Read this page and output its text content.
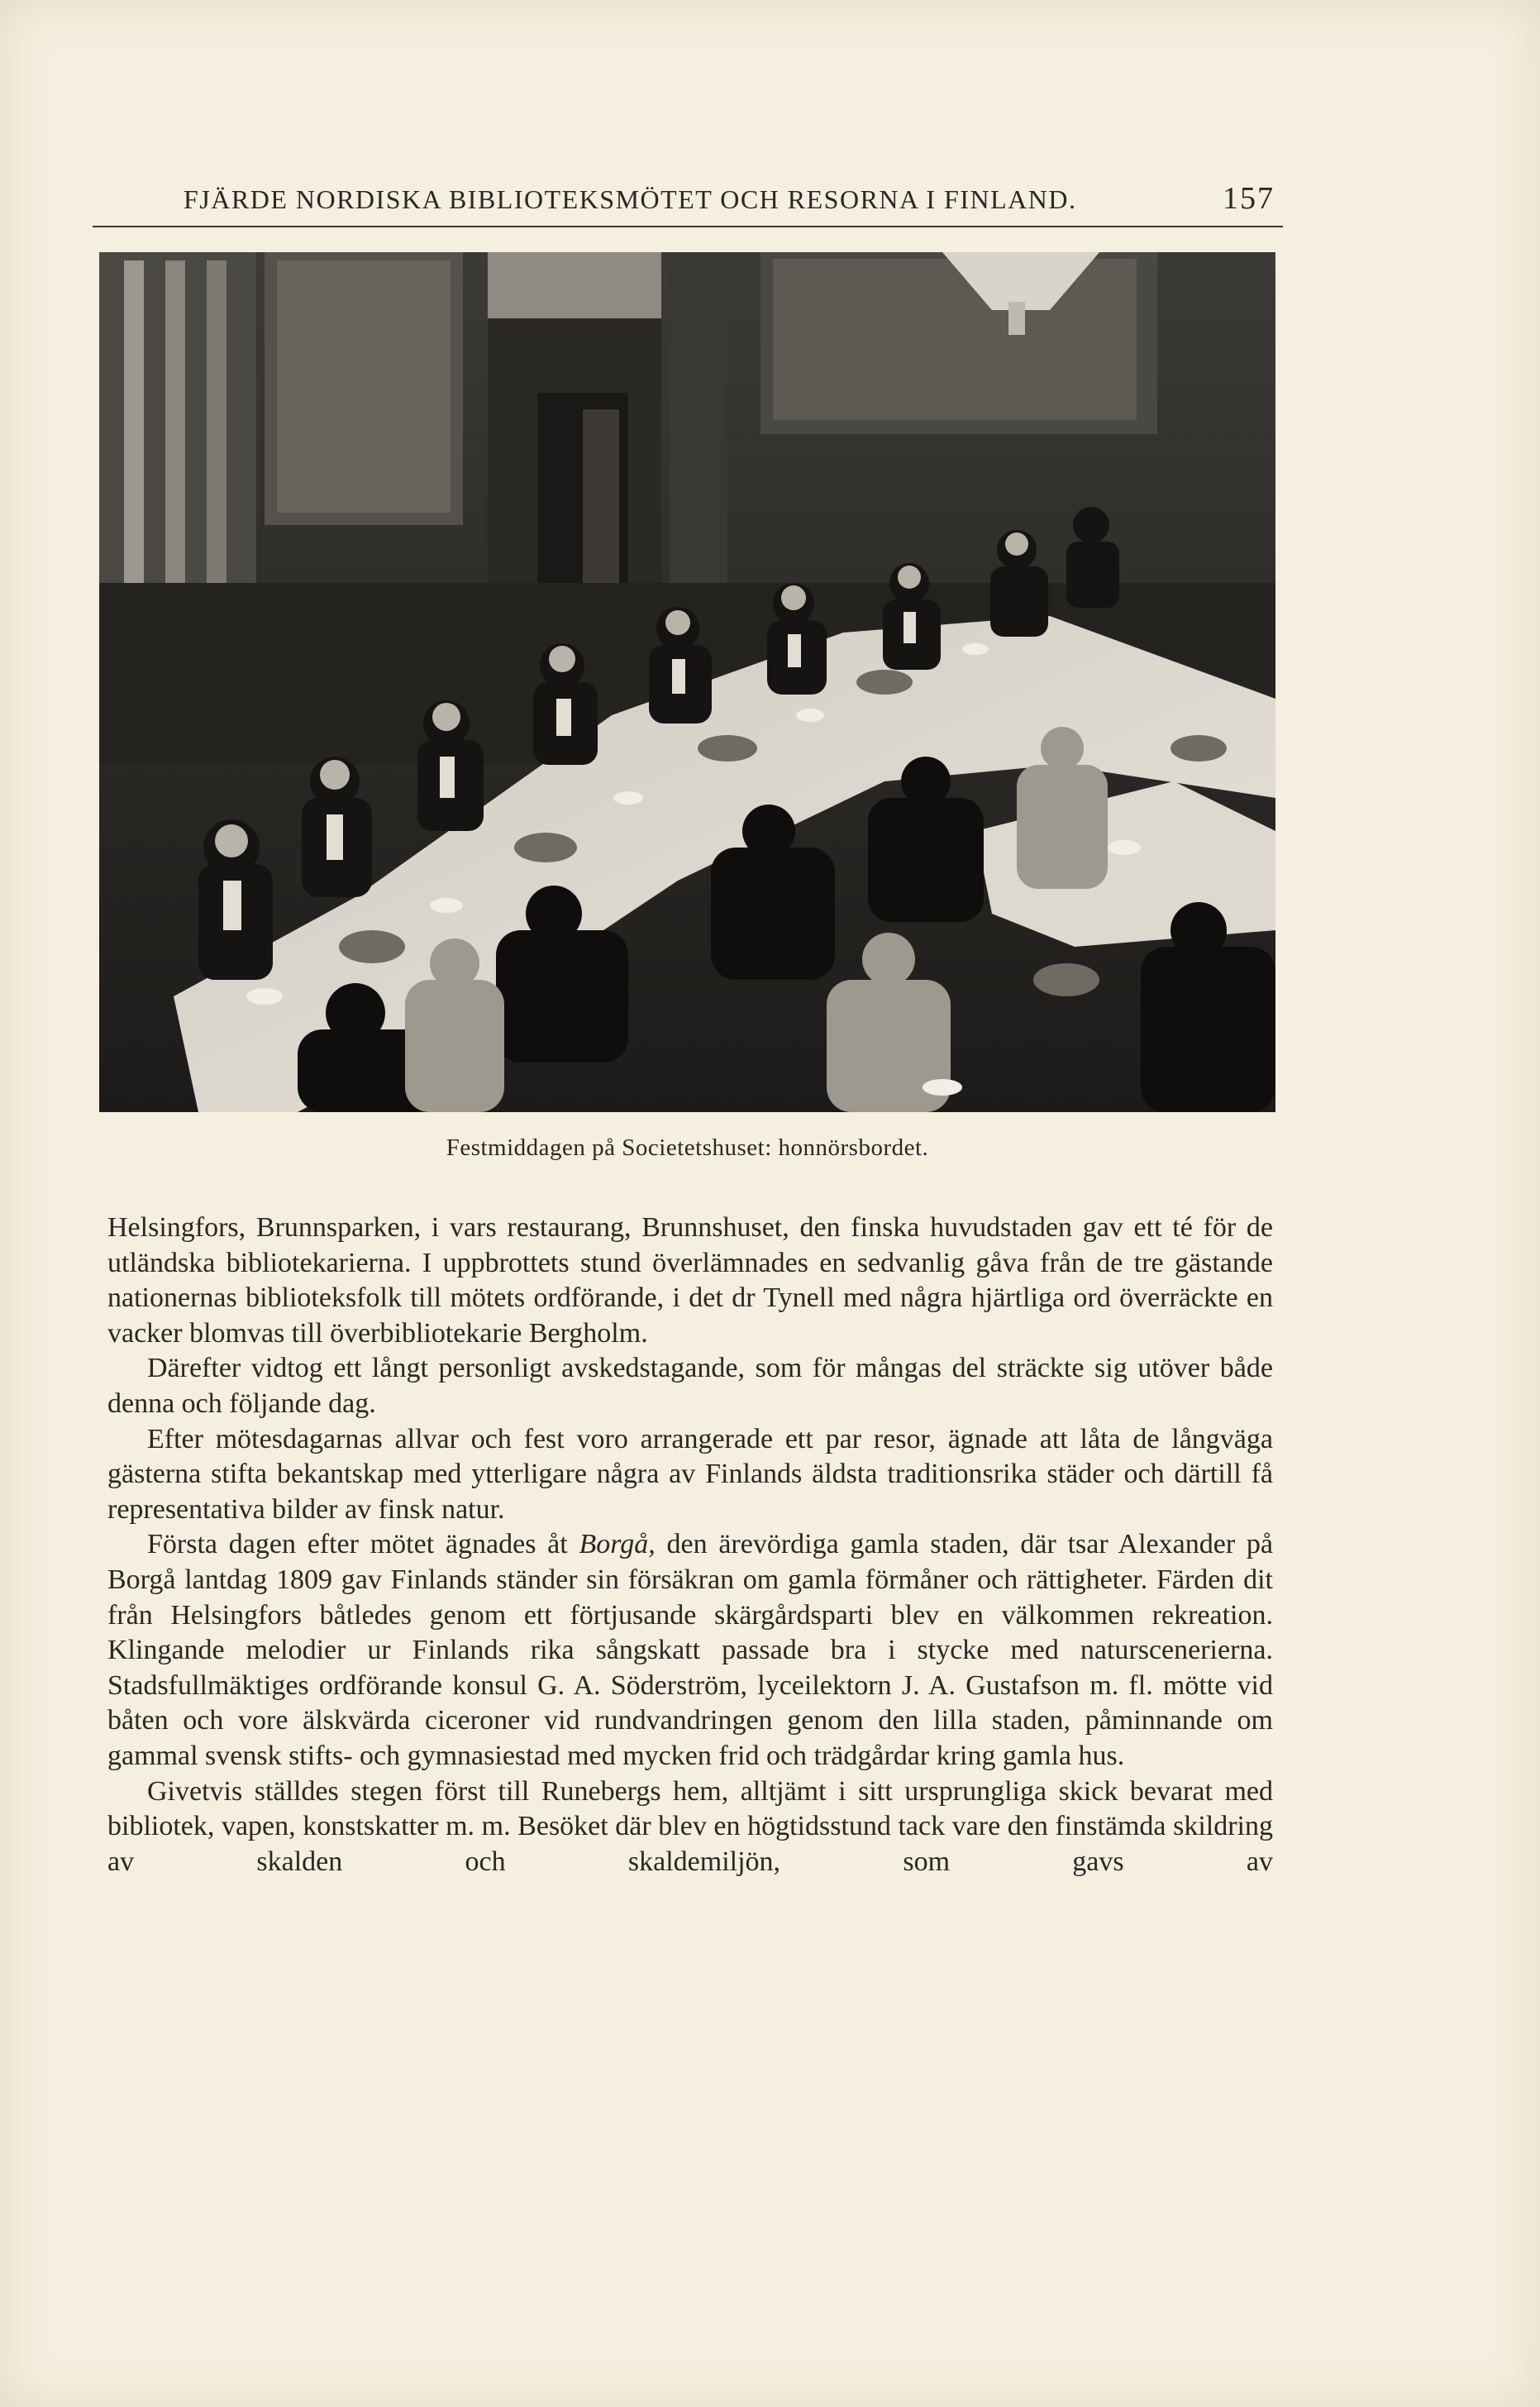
FJÄRDE NORDISKA BIBLIOTEKSMÖTET OCH RESORNA I FINLAND.	157
Festmiddagen på Societetshuset: honnörsbordet.

Helsingfors, Brunnsparken, i vars restaurang, Brunnshuset, den finska huvudstaden gav ett té för de utländska bibliotekarierna. I uppbrottets stund överlämnades en sedvanlig gåva från de tre gästande nationernas biblioteksfolk till mötets ordförande, i det dr Tynell med några hjärtliga ord överräckte en vacker blomvas till överbibliotekarie Bergholm.

Därefter vidtog ett långt personligt avskedstagande, som för mångas del sträckte sig utöver både denna och följande dag.

Efter mötesdagarnas allvar och fest voro arrangerade ett par resor, ägnade att låta de långväga gästerna stifta bekantskap med ytterligare några av Finlands äldsta traditionsrika städer och därtill få representativa bilder av finsk natur.

Första dagen efter mötet ägnades åt Borgå, den ärevördiga gamla staden, där tsar Alexander på Borgå lantdag 1809 gav Finlands ständer sin försäkran om gamla förmåner och rättigheter. Färden dit från Helsingfors båtledes genom ett förtjusande skärgårdsparti blev en välkommen rekreation. Klingande melodier ur Finlands rika sångskatt passade bra i stycke med naturscenerierna. Stadsfullmäktiges ordförande konsul G. A. Söderström, lyceilektorn J. A. Gustafson m. fl. mötte vid båten och vore älskvärda ciceroner vid rundvandringen genom den lilla staden, påminnande om gammal svensk stifts- och gymnasiestad med mycken frid och trädgårdar kring gamla hus.

Givetvis ställdes stegen först till Runebergs hem, alltjämt i sitt ursprungliga skick bevarat med bibliotek, vapen, konstskatter m. m. Besöket där blev en högtidsstund tack vare den finstämda skildring av skalden och skaldemiljön, som gavs av
